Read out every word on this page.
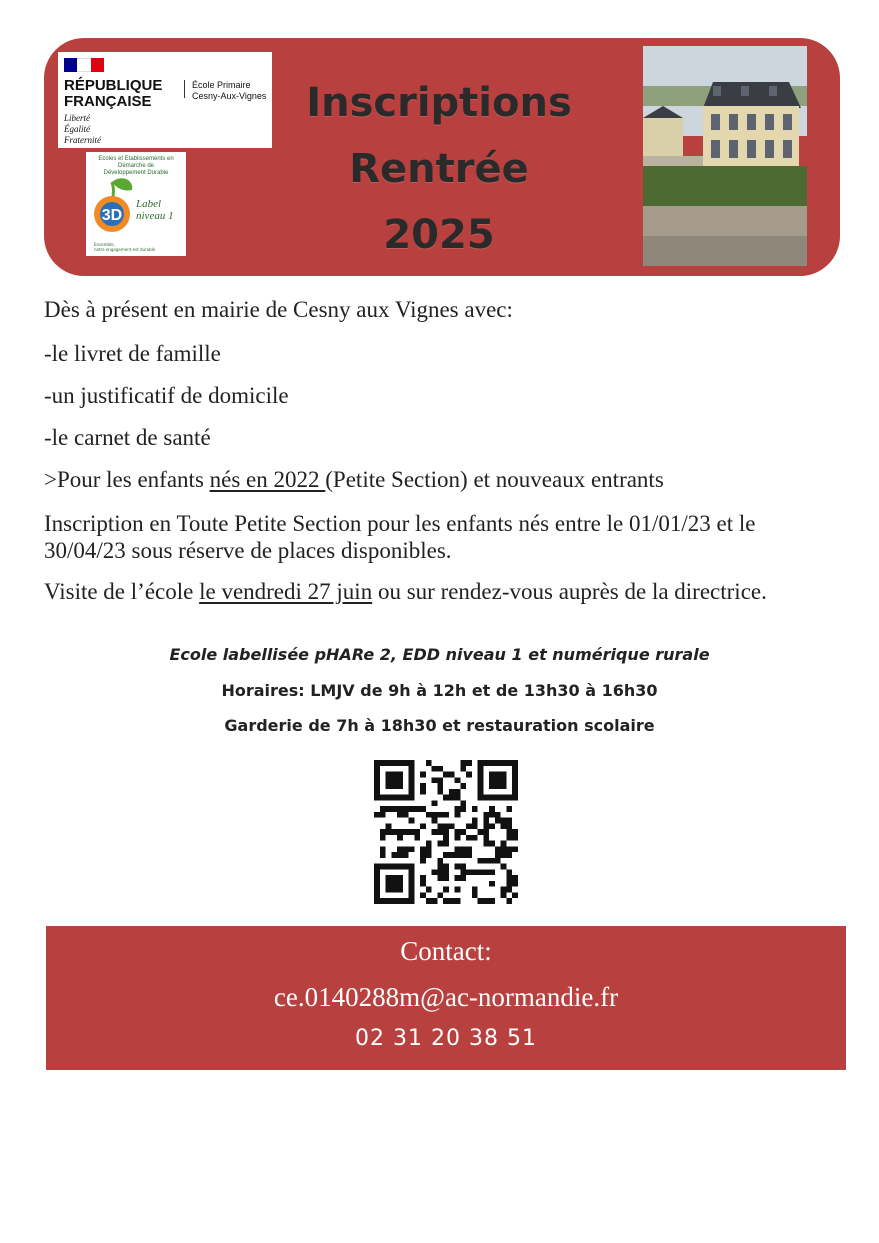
RÉPUBLIQUE
FRANÇAISE
Liberté
Égalité
Fraternité
École Primaire
Cesny-Aux-Vignes
Ecoles et Etablissements en Démarche de
Développement Durable
3D
Label
niveau 1
Ensemble,
notre engagement est durable
Inscriptions
Rentrée
2025
Dès à présent en mairie de Cesny aux Vignes avec:
-le livret de famille
-un justificatif de domicile
-le carnet de santé
>Pour les enfants nés en 2022 (Petite Section) et nouveaux entrants
Inscription en Toute Petite Section pour les enfants nés entre le 01/01/23 et le 30/04/23 sous réserve de places disponibles.
Visite de l’école le vendredi 27 juin ou sur rendez-vous auprès de la directrice.
Ecole labellisée pHARe 2, EDD niveau 1 et numérique rurale
Horaires: LMJV de 9h à 12h et de 13h30 à 16h30
Garderie de 7h à 18h30 et restauration scolaire
Contact:
ce.0140288m@ac-normandie.fr
02 31 20 38 51
